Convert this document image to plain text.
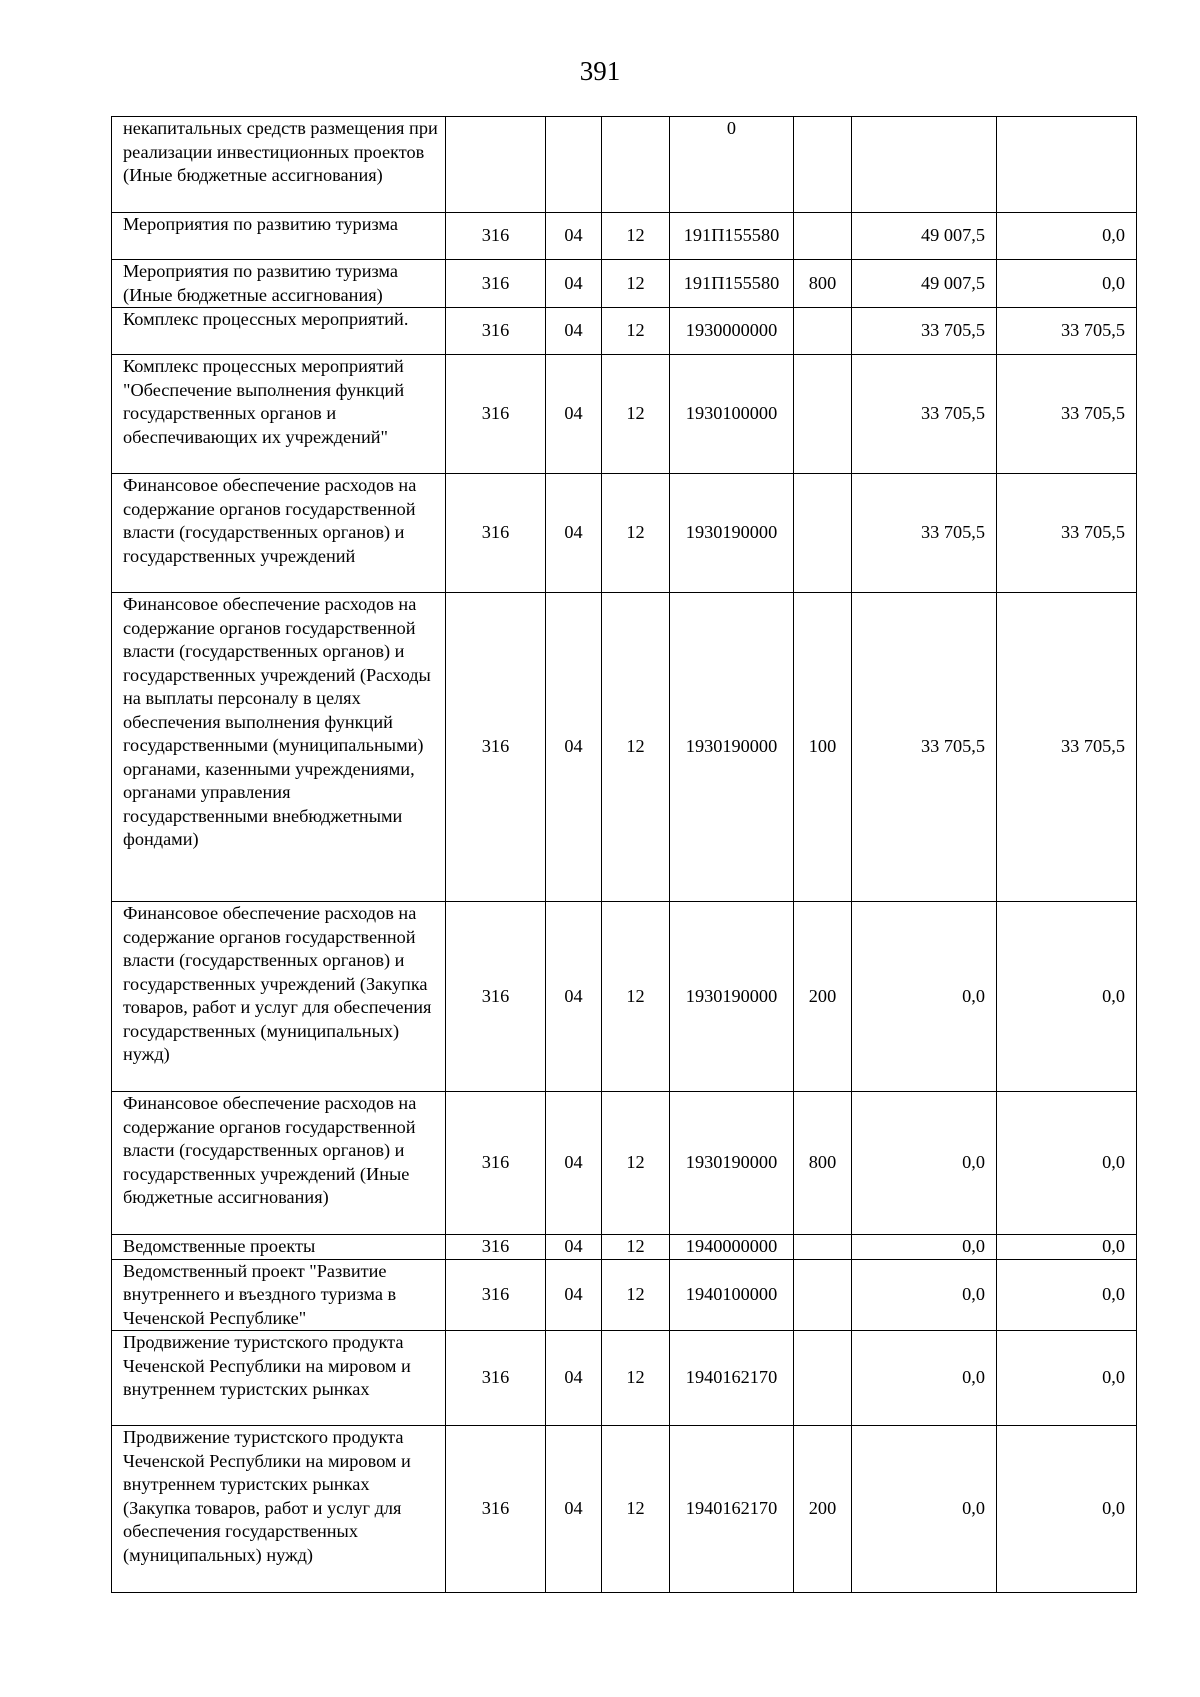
391
некапитальных средств размещения при реализации инвестиционных проектов (Иные бюджетные ассигнования)				0			
Мероприятия по развитию туризма	316	04	12	191П155580		49 007,5	0,0
Мероприятия по развитию туризма (Иные бюджетные ассигнования)	316	04	12	191П155580	800	49 007,5	0,0
Комплекс процессных мероприятий.	316	04	12	1930000000		33 705,5	33 705,5
Комплекс процессных мероприятий "Обеспечение выполнения функций государственных органов и обеспечивающих их учреждений"	316	04	12	1930100000		33 705,5	33 705,5
Финансовое обеспечение расходов на содержание органов государственной власти (государственных органов) и государственных учреждений	316	04	12	1930190000		33 705,5	33 705,5
Финансовое обеспечение расходов на содержание органов государственной власти (государственных органов) и государственных учреждений (Расходы на выплаты персоналу в целях обеспечения выполнения функций государственными (муниципальными) органами, казенными учреждениями, органами управления государственными внебюджетными фондами)	316	04	12	1930190000	100	33 705,5	33 705,5
Финансовое обеспечение расходов на содержание органов государственной власти (государственных органов) и государственных учреждений (Закупка товаров, работ и услуг для обеспечения государственных (муниципальных) нужд)	316	04	12	1930190000	200	0,0	0,0
Финансовое обеспечение расходов на содержание органов государственной власти (государственных органов) и государственных учреждений (Иные бюджетные ассигнования)	316	04	12	1930190000	800	0,0	0,0
Ведомственные проекты	316	04	12	1940000000		0,0	0,0
Ведомственный проект "Развитие внутреннего и въездного туризма в Чеченской Республике"	316	04	12	1940100000		0,0	0,0
Продвижение туристского продукта Чеченской Республики на мировом и внутреннем туристских рынках	316	04	12	1940162170		0,0	0,0
Продвижение туристского продукта Чеченской Республики на мировом и внутреннем туристских рынках (Закупка товаров, работ и услуг для обеспечения государственных (муниципальных) нужд)	316	04	12	1940162170	200	0,0	0,0
